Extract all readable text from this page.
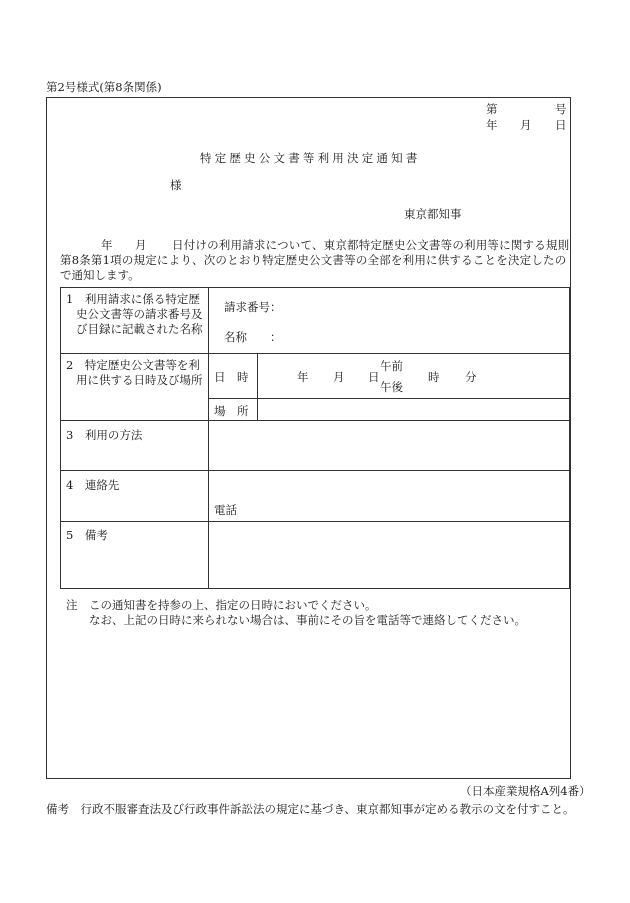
第2号様式(第8条関係)
第	号
年 月 日
特定歴史公文書等利用決定通知書
様
東京都知事
年 月 日付けの利用請求について、東京都特定歴史公文書等の利用等に関する規則
第8条第1項の規定により、次のとおり特定歴史公文書等の全部を利用に供することを決定したの
で通知します。
1　利用請求に係る特定歴
史公文書等の請求番号及
び目録に記載された名称
請求番号：
名称　　：
2　特定歴史公文書等を利
用に供する日時及び場所 日　時	年 月 日
午前
午後
時 分
場　所
3　利用の方法
4　連絡先
電話
5　備考
注　この通知書を持参の上、指定の日時においでください。
なお、上記の日時に来られない場合は、事前にその旨を電話等で連絡してください。
（日本産業規格A列4番）
備考　行政不服審査法及び行政事件訴訟法の規定に基づき、東京都知事が定める教示の文を付すこと。
